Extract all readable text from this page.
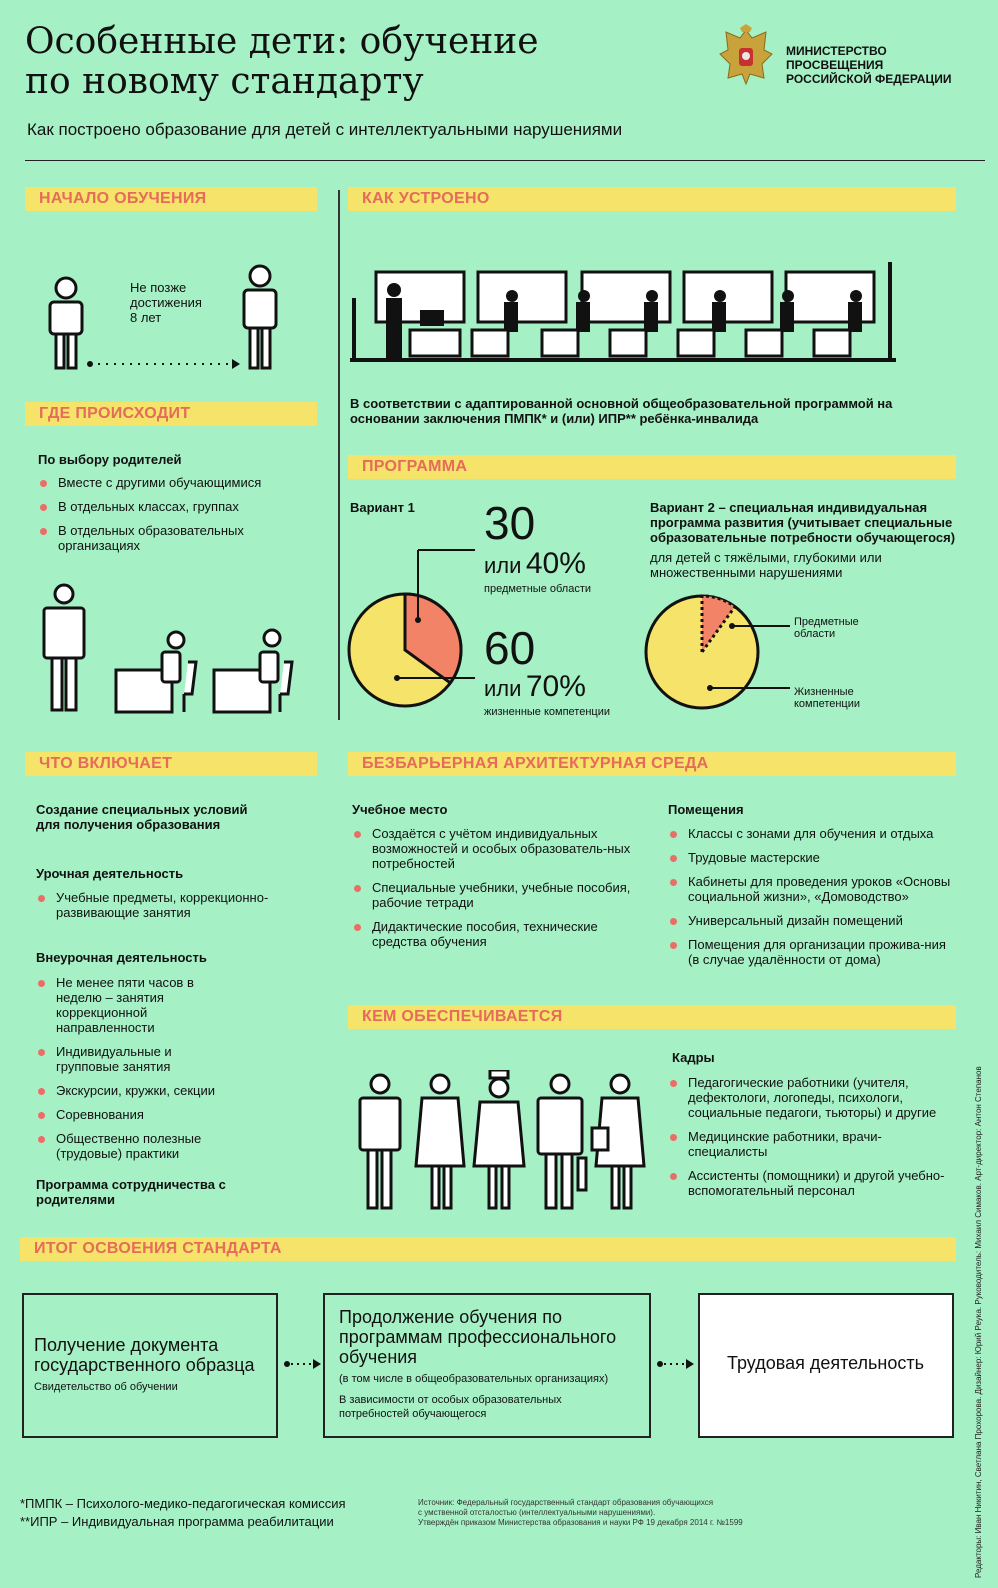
Особенные дети: обучение
по новому стандарту
Как построено образование для детей с интеллектуальными нарушениями
МИНИСТЕРСТВО ПРОСВЕЩЕНИЯ
РОССИЙСКОЙ ФЕДЕРАЦИИ
НАЧАЛО ОБУЧЕНИЯ
Не позже
достижения
8 лет
ГДЕ ПРОИСХОДИТ
По выбору родителей
Вместе с другими обучающимися
В отдельных классах, группах
В отдельных образовательных организациях
КАК УСТРОЕНО
В соответствии с адаптированной основной общеобразовательной программой на основании заключения ПМПК* и (или) ИПР** ребёнка-инвалида
ПРОГРАММА
Вариант 1 30
или 40%
предметные области
60
или 70%
жизненные компетенции
Вариант 2 – специальная индивидуальная программа развития (учитывает специальные образовательные потребности обучающегося)
для детей с тяжёлыми, глубокими или множественными нарушениями
Предметные области
Жизненные компетенции
ЧТО ВКЛЮЧАЕТ
Создание специальных условий для получения образования
Урочная деятельность
Учебные предметы, коррекционно-развивающие занятия
Внеурочная деятельность
Не менее пяти часов в неделю – занятия коррекционной направленности
Индивидуальные и групповые занятия
Экскурсии, кружки, секции
Соревнования
Общественно полезные (трудовые) практики
Программа сотрудничества с родителями
БЕЗБАРЬЕРНАЯ АРХИТЕКТУРНАЯ СРЕДА
Учебное место
Создаётся с учётом индивидуальных возможностей и особых образователь-ных потребностей
Специальные учебники, учебные пособия, рабочие тетради
Дидактические пособия, технические средства обучения
Помещения
Классы с зонами для обучения и отдыха
Трудовые мастерские
Кабинеты для проведения уроков «Основы социальной жизни», «Домоводство»
Универсальный дизайн помещений
Помещения для организации прожива-ния (в случае удалённости от дома)
КЕМ ОБЕСПЕЧИВАЕТСЯ
Кадры
Педагогические работники (учителя, дефектологи, логопеды, психологи, социальные педагоги, тьюторы) и другие
Медицинские работники, врачи-специалисты
Ассистенты (помощники) и другой учебно-вспомогательный персонал
ИТОГ ОСВОЕНИЯ СТАНДАРТА
Получение документа государственного образца
Свидетельство об обучении
Продолжение обучения по программам профессионального обучения
(в том числе в общеобразовательных организациях)
В зависимости от особых образовательных потребностей обучающегося
Трудовая деятельность
*ПМПК – Психолого-медико-педагогическая комиссия
**ИПР – Индивидуальная программа реабилитации
Источник: Федеральный государственный стандарт образования обучающихся
с умственной отсталостью (интеллектуальными нарушениями).
Утверждён приказом Министерства образования и науки РФ 19 декабря 2014 г. №1599	Редакторы: Иван Никитин, Светлана Прохорова. Дизайнер: Юрий Реука. Руководитель: Михаил Симаков. Арт-директор: Антон Степанов
